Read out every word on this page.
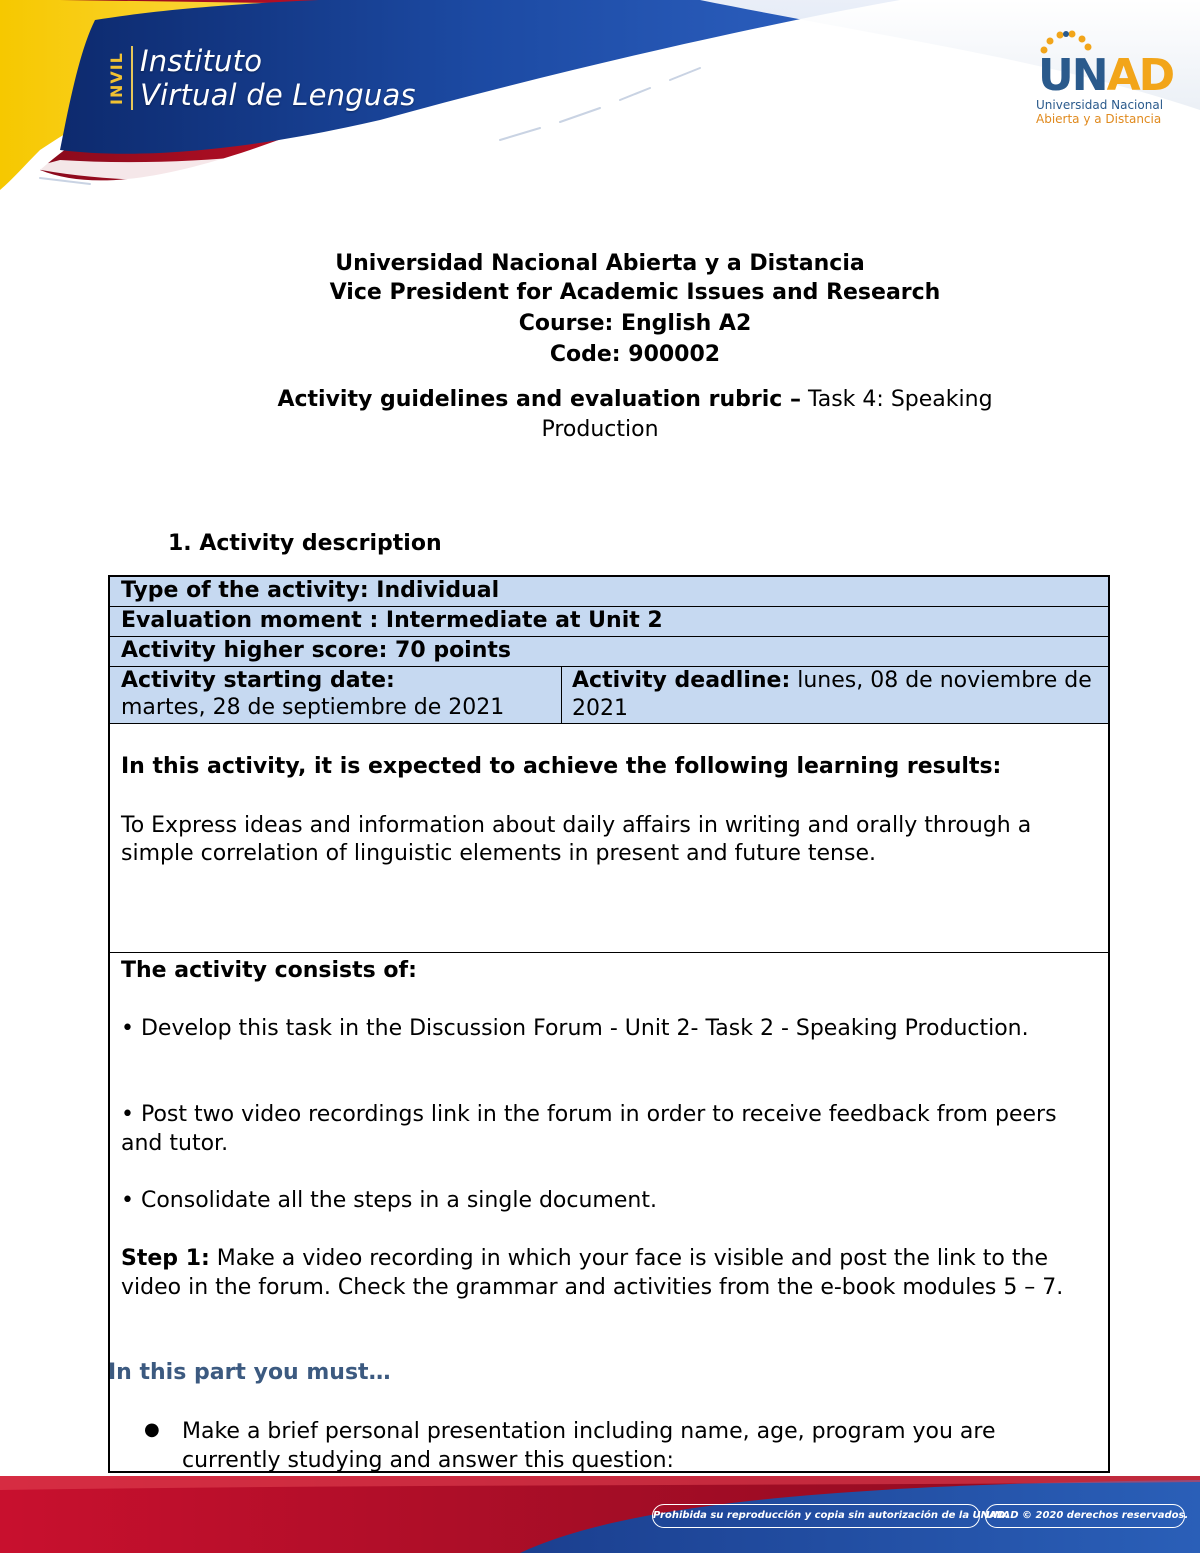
INVIL Instituto
Virtual de Lenguas	UNAD
Universidad Nacional
Abierta y a Distancia
Universidad Nacional Abierta y a Distancia
Vice President for Academic Issues and Research
Course: English A2
Code: 900002
Activity guidelines and evaluation rubric – Task 4: Speaking
Production
1. Activity description
Type of the activity: Individual
Evaluation moment : Intermediate at Unit 2
Activity higher score: 70 points
Activity starting date:
martes, 28 de septiembre de 2021
Activity deadline: lunes, 08 de noviembre de 2021
In this activity, it is expected to achieve the following learning results:
To Express ideas and information about daily affairs in writing and orally through a simple correlation of linguistic elements in present and future tense.
The activity consists of:
• Develop this task in the Discussion Forum - Unit 2- Task 2 - Speaking Production.
• Post two video recordings link in the forum in order to receive feedback from peers and tutor.
• Consolidate all the steps in a single document.
Step 1: Make a video recording in which your face is visible and post the link to the video in the forum. Check the grammar and activities from the e-book modules 5 – 7.
In this part you must…
● Make a brief personal presentation including name, age, program you are currently studying and answer this question:
Prohibida su reproducción y copia sin autorización de la UNAD.
UNAD © 2020 derechos reservados.
